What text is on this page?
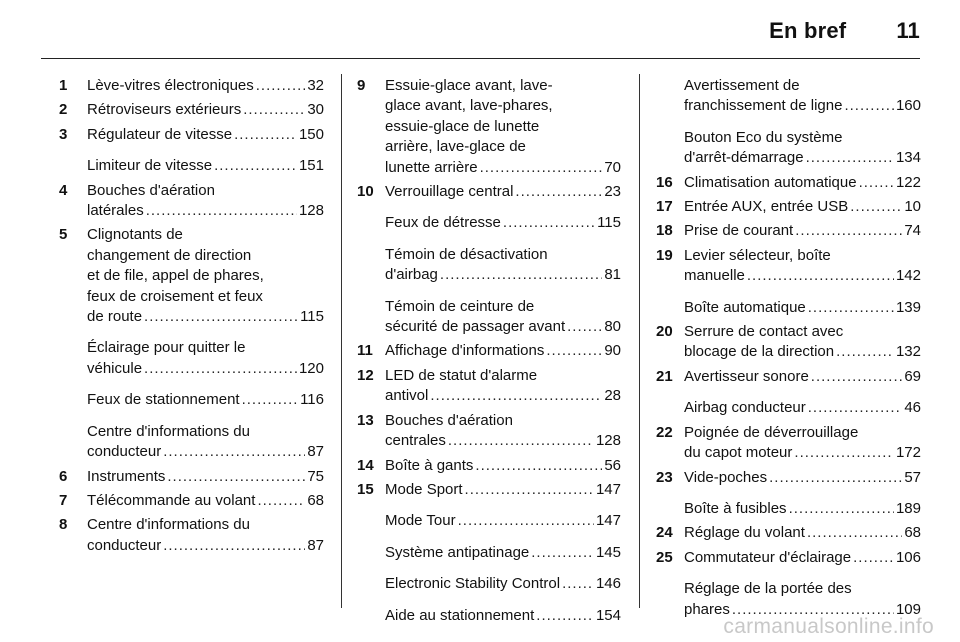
En bref 11
1	Lève-vitres électroniques .....	32
2	Rétroviseurs extérieurs .....	30
3	Régulateur de vitesse .....	150
Limiteur de vitesse .....	151
4	Bouches d'aération
latérales .....	128
5	Clignotants de
changement de direction
et de file, appel de phares,
feux de croisement et feux
de route .....	115
Éclairage pour quitter le
véhicule .....	120
Feux de stationnement .....	116
Centre d'informations du
conducteur .....	87
6	Instruments .....	75
7	Télécommande au volant .....	68
8	Centre d'informations du
conducteur .....	87
9	Essuie-glace avant, lave-
glace avant, lave-phares,
essuie-glace de lunette
arrière, lave-glace de
lunette arrière .....	70
10 Verrouillage central .....	23
Feux de détresse .....	115
Témoin de désactivation
d'airbag .....	81
Témoin de ceinture de
sécurité de passager avant .....	80
11 Affichage d'informations .....	90
12 LED de statut d'alarme
antivol .....	28
13 Bouches d'aération
centrales .....	128
14 Boîte à gants .....	56
15 Mode Sport .....	147
Mode Tour .....	147
Système antipatinage .....	145
Electronic Stability Control ..... 146
Aide au stationnement .....	154
Avertissement de
franchissement de ligne .....	160
Bouton Eco du système
d'arrêt-démarrage .....	134
16 Climatisation automatique .....	122
17 Entrée AUX, entrée USB .....	10
18 Prise de courant .....	74
19 Levier sélecteur, boîte
manuelle .....	142
Boîte automatique .....	139
20 Serrure de contact avec
blocage de la direction .....	132
21 Avertisseur sonore .....	69
Airbag conducteur .....	46
22 Poignée de déverrouillage
du capot moteur .....	172
23 Vide-poches .....	57
Boîte à fusibles .....	189
24 Réglage du volant .....	68
25 Commutateur d'éclairage .....	106
Réglage de la portée des
phares .....	109
carmanualsonline.info
